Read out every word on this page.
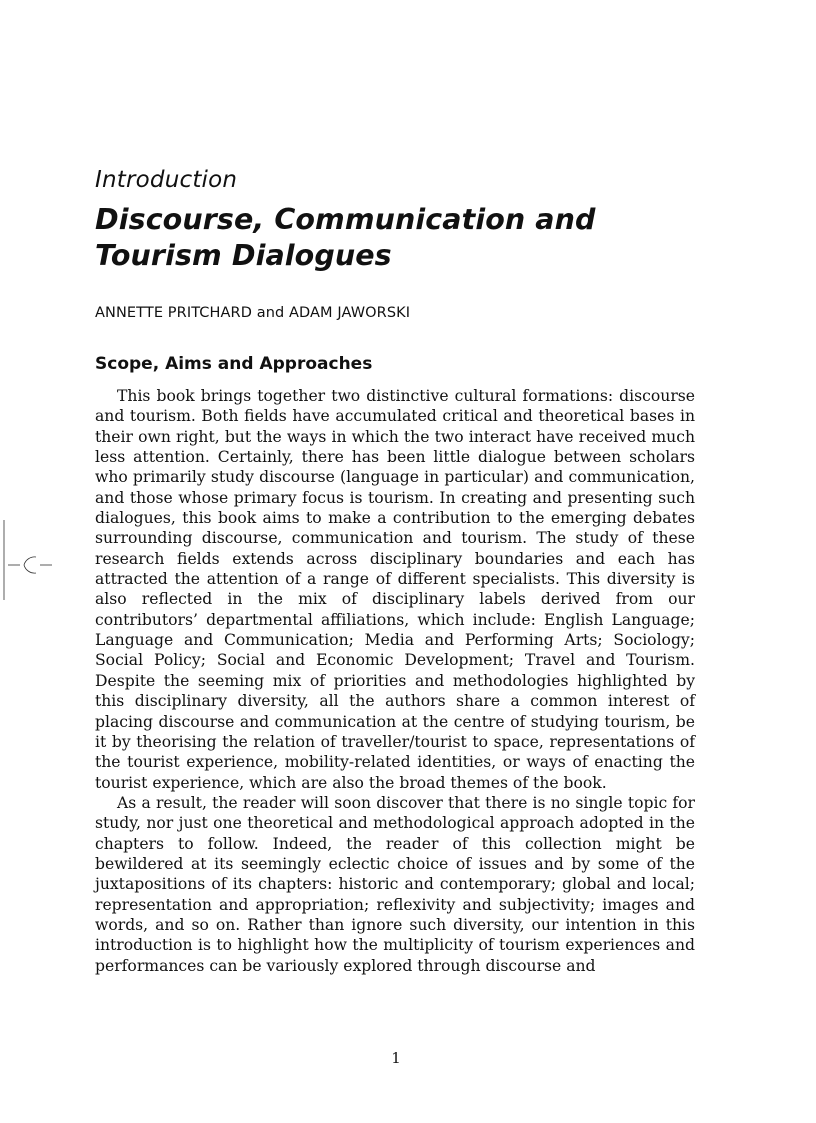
Introduction
Discourse, Communication and
Tourism Dialogues

ANNETTE PRITCHARD and ADAM JAWORSKI

Scope, Aims and Approaches

This book brings together two distinctive cultural formations: discourse and tourism. Both fields have accumulated critical and theoretical bases in their own right, but the ways in which the two interact have received much less attention. Certainly, there has been little dialogue between scholars who primarily study discourse (language in particular) and communication, and those whose primary focus is tourism. In creating and presenting such dialogues, this book aims to make a contribution to the emerging debates surrounding discourse, communication and tourism. The study of these research fields extends across disciplinary boundaries and each has attracted the attention of a range of different specialists. This diversity is also reflected in the mix of disciplinary labels derived from our contributors’ departmental affiliations, which include: English Language; Language and Communication; Media and Performing Arts; Sociology; Social Policy; Social and Economic Development; Travel and Tourism. Despite the seeming mix of priorities and methodologies highlighted by this disciplinary diversity, all the authors share a common interest of placing discourse and communication at the centre of studying tourism, be it by theorising the relation of traveller/tourist to space, representations of the tourist experience, mobility-related identities, or ways of enacting the tourist experience, which are also the broad themes of the book.

As a result, the reader will soon discover that there is no single topic for study, nor just one theoretical and methodological approach adopted in the chapters to follow. Indeed, the reader of this collection might be bewildered at its seemingly eclectic choice of issues and by some of the juxtapositions of its chapters: historic and contemporary; global and local; representation and appropriation; reflexivity and subjectivity; images and words, and so on. Rather than ignore such diversity, our intention in this introduction is to highlight how the multiplicity of tourism experiences and performances can be variously explored through discourse and

1
